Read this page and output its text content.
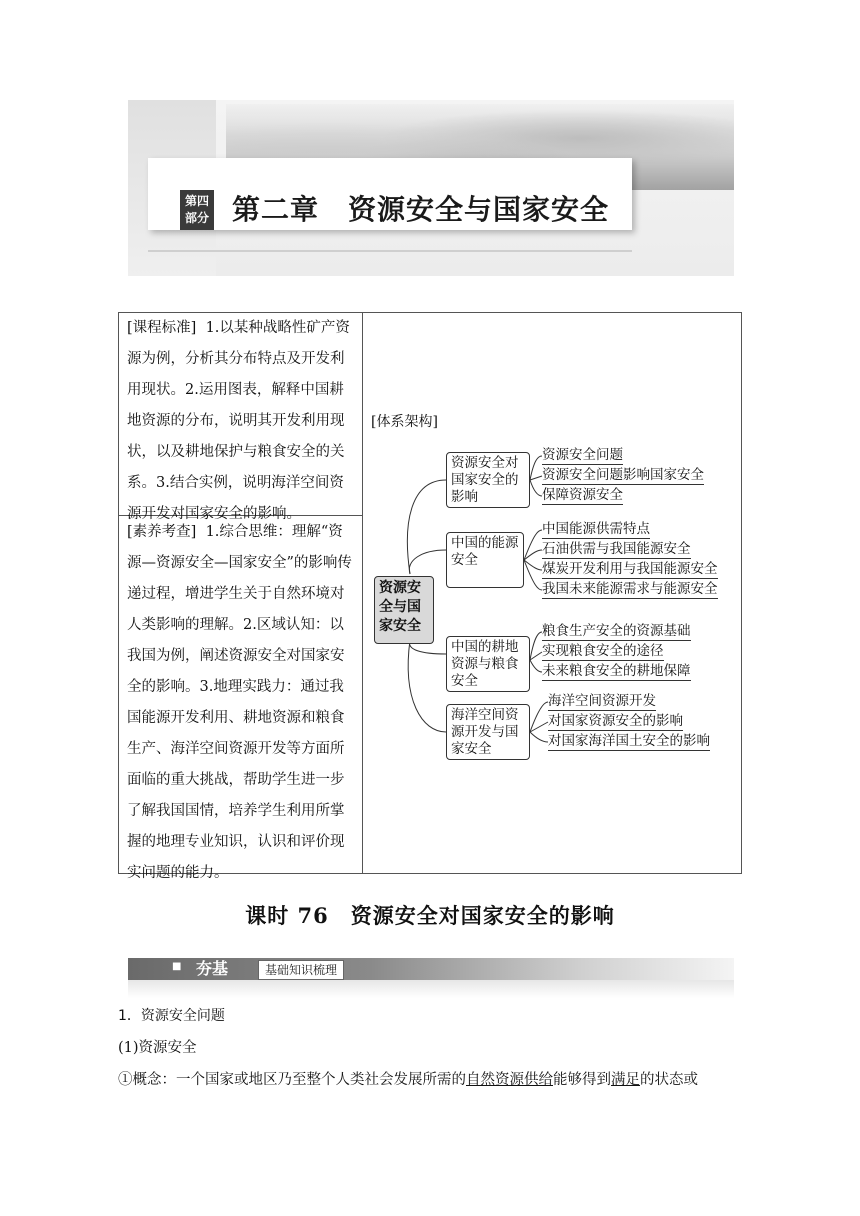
第四
部分 第二章　资源安全与国家安全
[课程标准]  1.以某种战略性矿产资源为例，分析其分布特点及开发利用现状。2.运用图表，解释中国耕地资源的分布，说明其开发利用现状，以及耕地保护与粮食安全的关系。3.结合实例，说明海洋空间资源开发对国家安全的影响。
[素养考查]  1.综合思维：理解“资源—资源安全—国家安全”的影响传递过程，增进学生关于自然环境对人类影响的理解。2.区域认知：以我国为例，阐述资源安全对国家安全的影响。3.地理实践力：通过我国能源开发利用、耕地资源和粮食生产、海洋空间资源开发等方面所面临的重大挑战，帮助学生进一步了解我国国情，培养学生利用所掌握的地理专业知识，认识和评价现实问题的能力。
[体系架构]
资源安全与国家安全
资源安全对国家安全的影响
中国的能源安全
中国的耕地资源与粮食安全
海洋空间资源开发与国家安全
资源安全问题
资源安全问题影响国家安全
保障资源安全
中国能源供需特点
石油供需与我国能源安全
煤炭开发利用与我国能源安全
我国未来能源需求与能源安全
粮食生产安全的资源基础
实现粮食安全的途径
未来粮食安全的耕地保障
海洋空间资源开发
对国家资源安全的影响
对国家海洋国土安全的影响
课时 76　资源安全对国家安全的影响
■ 夯基	基础知识梳理
1．资源安全问题
(1)资源安全
①概念：一个国家或地区乃至整个人类社会发展所需的自然资源供给能够得到满足的状态或
